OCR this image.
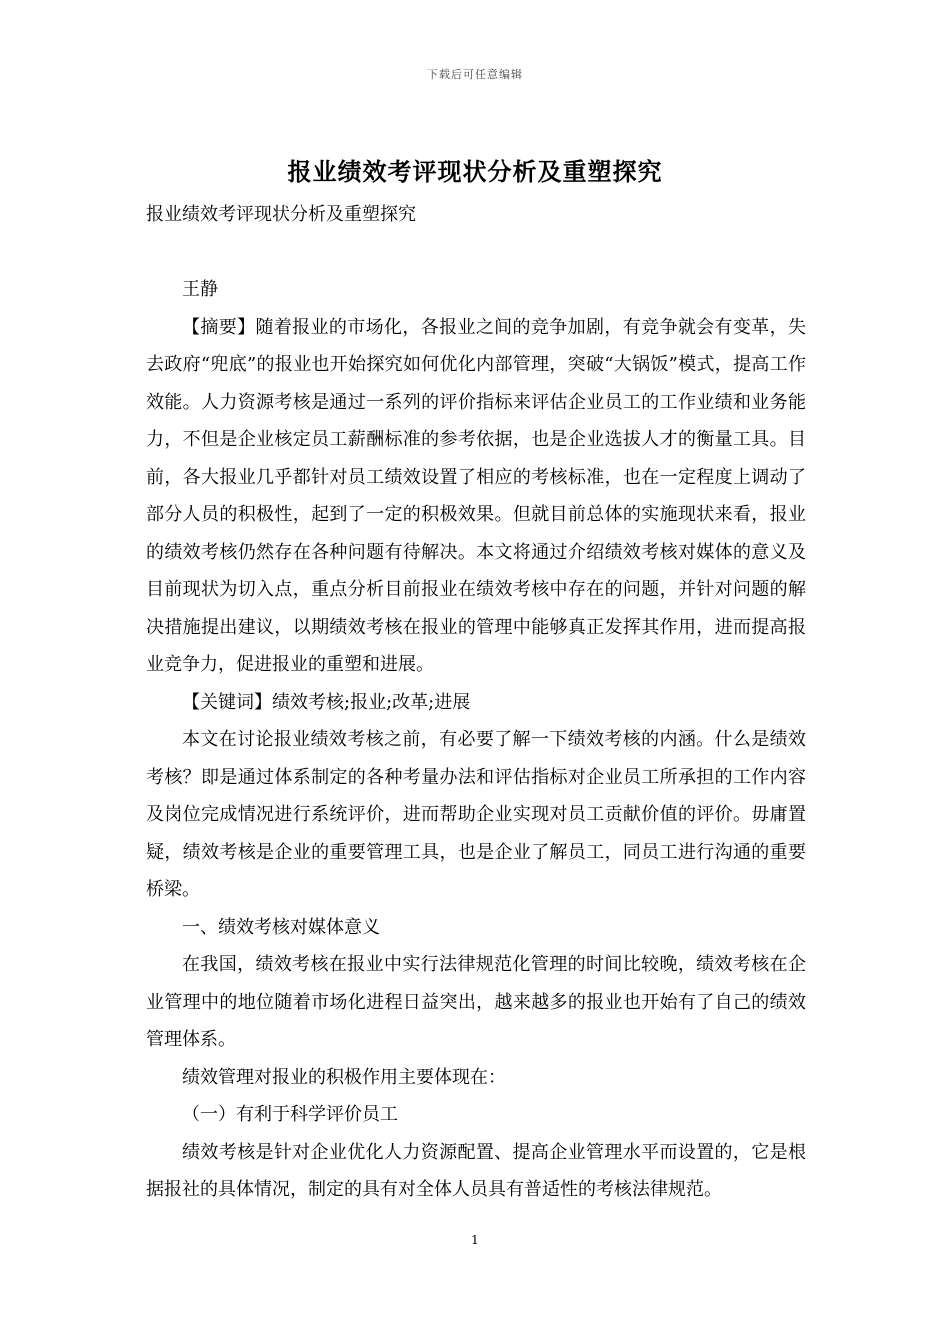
下载后可任意编辑
报业绩效考评现状分析及重塑探究

报业绩效考评现状分析及重塑探究

王静

【摘要】随着报业的市场化，各报业之间的竞争加剧，有竞争就会有变革，失去政府“兜底”的报业也开始探究如何优化内部管理，突破“大锅饭”模式，提高工作效能。人力资源考核是通过一系列的评价指标来评估企业员工的工作业绩和业务能力，不但是企业核定员工薪酬标准的参考依据，也是企业选拔人才的衡量工具。目前，各大报业几乎都针对员工绩效设置了相应的考核标准，也在一定程度上调动了部分人员的积极性，起到了一定的积极效果。但就目前总体的实施现状来看，报业的绩效考核仍然存在各种问题有待解决。本文将通过介绍绩效考核对媒体的意义及目前现状为切入点，重点分析目前报业在绩效考核中存在的问题，并针对问题的解决措施提出建议，以期绩效考核在报业的管理中能够真正发挥其作用，进而提高报业竞争力，促进报业的重塑和进展。

【关键词】绩效考核;报业;改革;进展

本文在讨论报业绩效考核之前，有必要了解一下绩效考核的内涵。什么是绩效考核？即是通过体系制定的各种考量办法和评估指标对企业员工所承担的工作内容及岗位完成情况进行系统评价，进而帮助企业实现对员工贡献价值的评价。毋庸置疑，绩效考核是企业的重要管理工具，也是企业了解员工，同员工进行沟通的重要桥梁。

一、绩效考核对媒体意义

在我国，绩效考核在报业中实行法律规范化管理的时间比较晚，绩效考核在企业管理中的地位随着市场化进程日益突出，越来越多的报业也开始有了自己的绩效管理体系。

绩效管理对报业的积极作用主要体现在：

（一）有利于科学评价员工

绩效考核是针对企业优化人力资源配置、提高企业管理水平而设置的，它是根据报社的具体情况，制定的具有对全体人员具有普适性的考核法律规范。

1
